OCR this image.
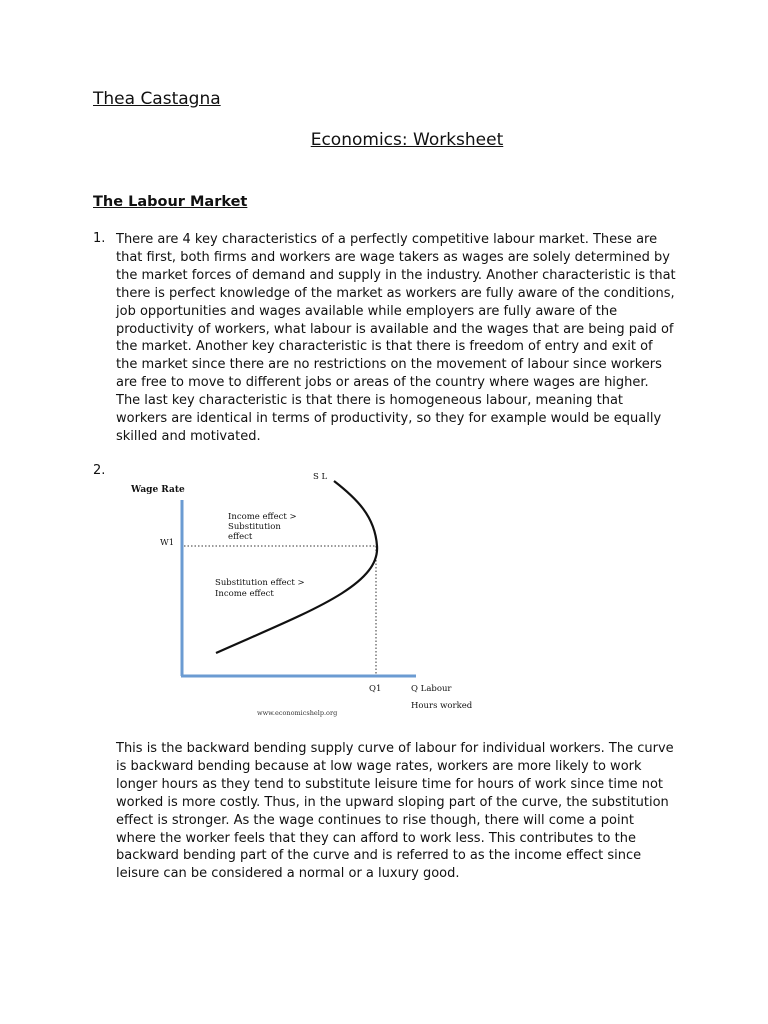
Thea Castagna
Economics: Worksheet
The Labour Market
1. There are 4 key characteristics of a perfectly competitive labour market. These are that first, both firms and workers are wage takers as wages are solely determined by the market forces of demand and supply in the industry. Another characteristic is that there is perfect knowledge of the market as workers are fully aware of the conditions, job opportunities and wages available while employers are fully aware of the productivity of workers, what labour is available and the wages that are being paid of the market. Another key characteristic is that there is freedom of entry and exit of the market since there are no restrictions on the movement of labour since workers are free to move to different jobs or areas of the country where wages are higher. The last key characteristic is that there is homogeneous labour, meaning that workers are identical in terms of productivity, so they for example would be equally skilled and motivated.

2.
Wage Rate
S L
W1
Q1	Q Labour
Hours worked
Income effect >
Substitution
effect
Substitution effect >
Income effect
www.economicshelp.org

This is the backward bending supply curve of labour for individual workers. The curve is backward bending because at low wage rates, workers are more likely to work longer hours as they tend to substitute leisure time for hours of work since time not worked is more costly. Thus, in the upward sloping part of the curve, the substitution effect is stronger. As the wage continues to rise though, there will come a point where the worker feels that they can afford to work less. This contributes to the backward bending part of the curve and is referred to as the income effect since leisure can be considered a normal or a luxury good.
